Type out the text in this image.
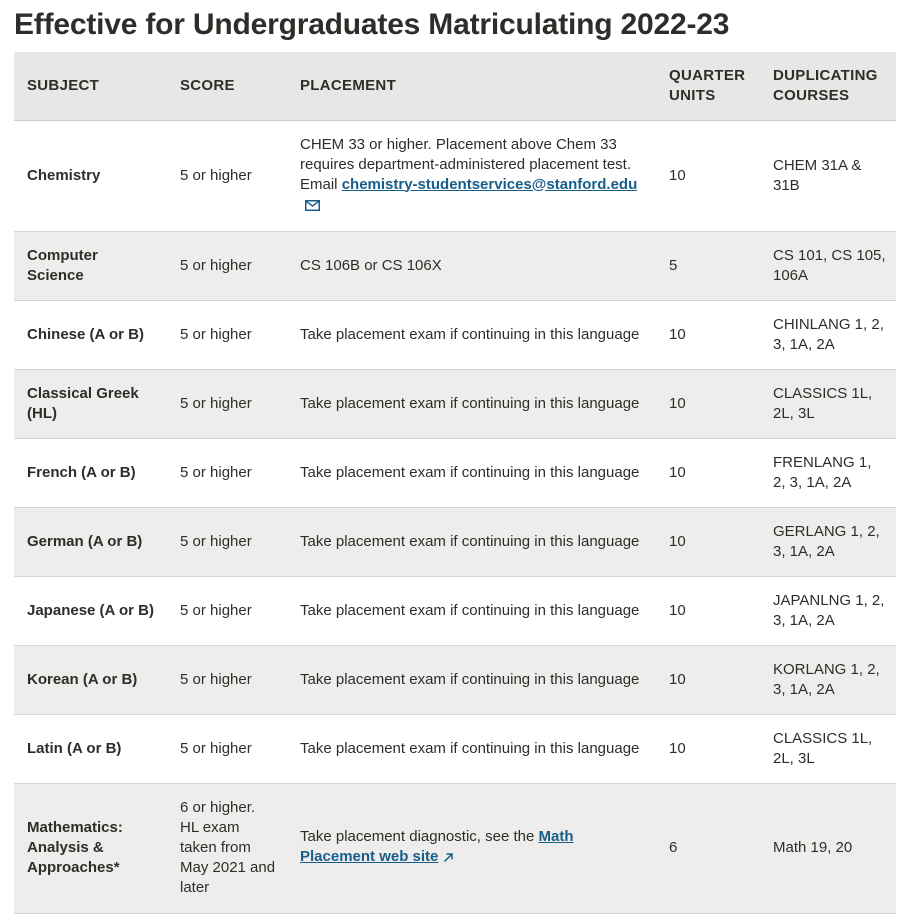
Effective for Undergraduates Matriculating 2022-23
SUBJECT	SCORE	PLACEMENT	QUARTER UNITS	DUPLICATING COURSES
Chemistry	5 or higher	CHEM 33 or higher. Placement above Chem 33 requires department-administered placement test. Email chemistry-studentservices@stanford.edu	10	CHEM 31A & 31B
Computer Science	5 or higher	CS 106B or CS 106X	5	CS 101, CS 105, 106A
Chinese (A or B)	5 or higher	Take placement exam if continuing in this language	10	CHINLANG 1, 2, 3, 1A, 2A
Classical Greek (HL)	5 or higher	Take placement exam if continuing in this language	10	CLASSICS 1L, 2L, 3L
French (A or B)	5 or higher	Take placement exam if continuing in this language	10	FRENLANG 1, 2, 3, 1A, 2A
German (A or B)	5 or higher	Take placement exam if continuing in this language	10	GERLANG 1, 2, 3, 1A, 2A
Japanese (A or B)	5 or higher	Take placement exam if continuing in this language	10	JAPANLNG 1, 2, 3, 1A, 2A
Korean (A or B)	5 or higher	Take placement exam if continuing in this language	10	KORLANG 1, 2, 3, 1A, 2A
Latin (A or B)	5 or higher	Take placement exam if continuing in this language	10	CLASSICS 1L, 2L, 3L
Mathematics: Analysis & Approaches*	6 or higher. HL exam taken from May 2021 and later	Take placement diagnostic, see the Math Placement web site	6	Math 19, 20
